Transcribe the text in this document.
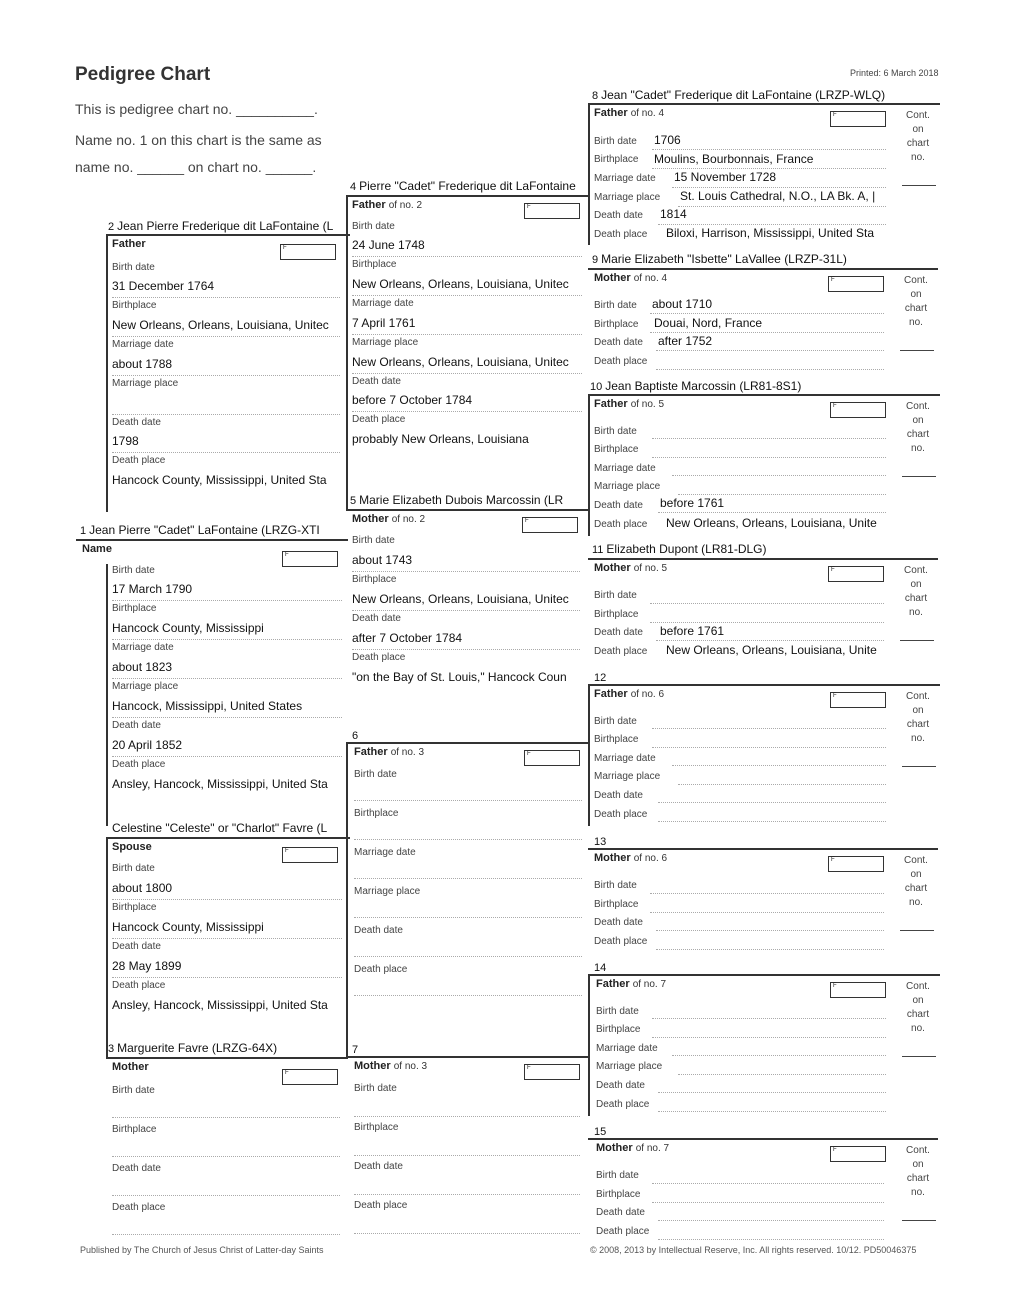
Pedigree Chart	Printed: 6 March 2018
This is pedigree chart no. __________.
Name no. 1 on this chart is the same as
name no. ______ on chart no. ______.
1 Jean Pierre "Cadet" LaFontaine (LRZG-XTI
Name	F
Birth date
17 March 1790
Birthplace
Hancock County, Mississippi
Marriage date
about 1823
Marriage place
Hancock, Mississippi, United States
Death date
20 April 1852
Death place
Ansley, Hancock, Mississippi, United Sta
Celestine "Celeste" or "Charlot" Favre (L
Spouse	F
Birth date
about 1800
Birthplace
Hancock County, Mississippi
Death date
28 May 1899
Death place
Ansley, Hancock, Mississippi, United Sta
2 Jean Pierre Frederique dit LaFontaine (L
Father	F
Birth date
31 December 1764
Birthplace
New Orleans, Orleans, Louisiana, Unitec
Marriage date
about 1788
Marriage place
Death date
1798
Death place
Hancock County, Mississippi, United Sta
3 Marguerite Favre (LRZG-64X)
Mother	F
Birth date
Birthplace
Death date
Death place
4 Pierre "Cadet" Frederique dit LaFontaine
Father of no. 2	F
Birth date
24 June 1748
Birthplace
New Orleans, Orleans, Louisiana, Unitec
Marriage date
7 April 1761
Marriage place
New Orleans, Orleans, Louisiana, Unitec
Death date
before 7 October 1784
Death place
probably New Orleans, Louisiana
5 Marie Elizabeth Dubois Marcossin (LR
Mother of no. 2	F
Birth date
about 1743
Birthplace
New Orleans, Orleans, Louisiana, Unitec
Death date
after 7 October 1784
Death place
"on the Bay of St. Louis," Hancock Coun
6
Father of no. 3	F
Birth date
Birthplace
Marriage date
Marriage place
Death date
Death place
7
Mother of no. 3	F
Birth date
Birthplace
Death date
Death place
8 Jean "Cadet" Frederique dit LaFontaine (LRZP-WLQ)
Father of no. 4	F
Birth date 1706
Birthplace Moulins, Bourbonnais, France
Marriage date 15 November 1728
Marriage place St. Louis Cathedral, N.O., LA Bk. A, |
Death date 1814
Death place Biloxi, Harrison, Mississippi, United Sta
Cont.
on
chart
no.
9 Marie Elizabeth "Isbette" LaVallee (LRZP-31L)
Mother of no. 4	F
Birth date about 1710
Birthplace Douai, Nord, France
Death date after 1752
Death place
Cont.
on
chart
no.
10 Jean Baptiste Marcossin (LR81-8S1)
Father of no. 5	F
Birth date
Birthplace
Marriage date
Marriage place
Death date before 1761
Death place New Orleans, Orleans, Louisiana, Unite
Cont.
on
chart
no.
11 Elizabeth Dupont (LR81-DLG)
Mother of no. 5	F
Birth date
Birthplace
Death date before 1761
Death place New Orleans, Orleans, Louisiana, Unite
Cont.
on
chart
no.
12
Father of no. 6	F
Birth date
Birthplace
Marriage date
Marriage place
Death date
Death place
Cont.
on
chart
no.
13
Mother of no. 6	F
Birth date
Birthplace
Death date
Death place
Cont.
on
chart
no.
14
Father of no. 7	F
Birth date
Birthplace
Marriage date
Marriage place
Death date
Death place
Cont.
on
chart
no.
15
Mother of no. 7	F
Birth date
Birthplace
Death date
Death place
Cont.
on
chart
no.
Published by The Church of Jesus Christ of Latter-day Saints	© 2008, 2013 by Intellectual Reserve, Inc. All rights reserved. 10/12. PD50046375
